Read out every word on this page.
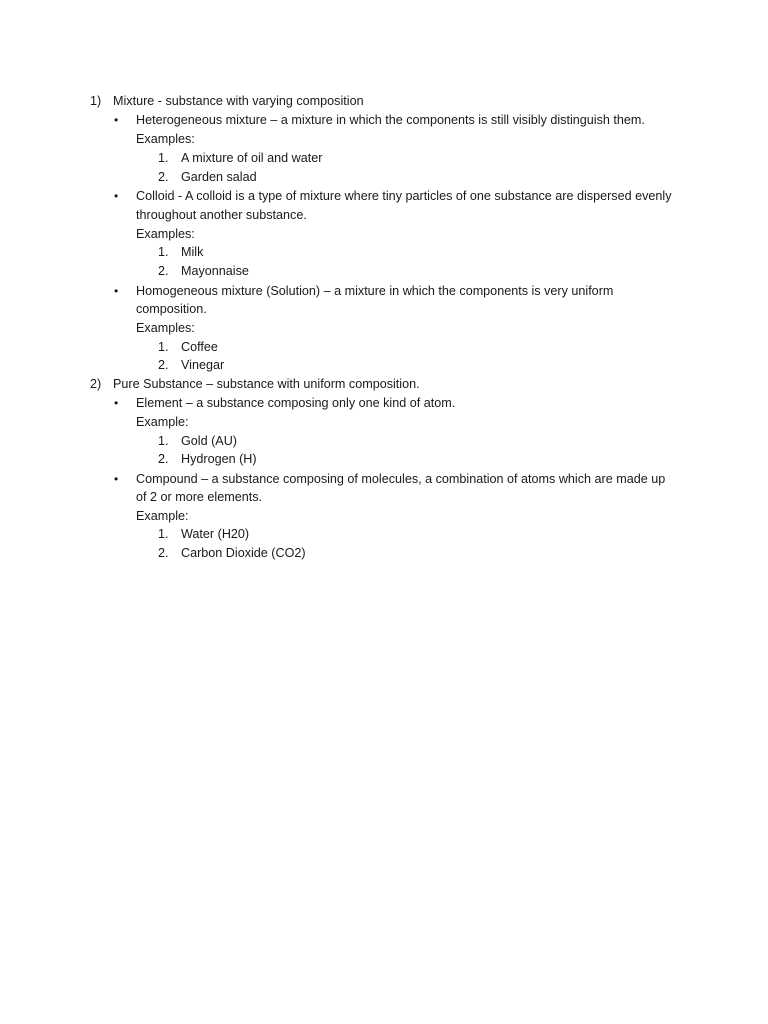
1) Mixture - substance with varying composition
• Heterogeneous mixture – a mixture in which the components is still visibly distinguish them.
Examples:
1. A mixture of oil and water
2. Garden salad
• Colloid - A colloid is a type of mixture where tiny particles of one substance are dispersed evenly
throughout another substance.
Examples:
1. Milk
2. Mayonnaise
• Homogeneous mixture (Solution) – a mixture in which the components is very uniform
composition.
Examples:
1. Coffee
2. Vinegar
2) Pure Substance – substance with uniform composition.
• Element – a substance composing only one kind of atom.
Example:
1. Gold (AU)
2. Hydrogen (H)
• Compound – a substance composing of molecules, a combination of atoms which are made up
of 2 or more elements.
Example:
1. Water (H20)
2. Carbon Dioxide (CO2)
